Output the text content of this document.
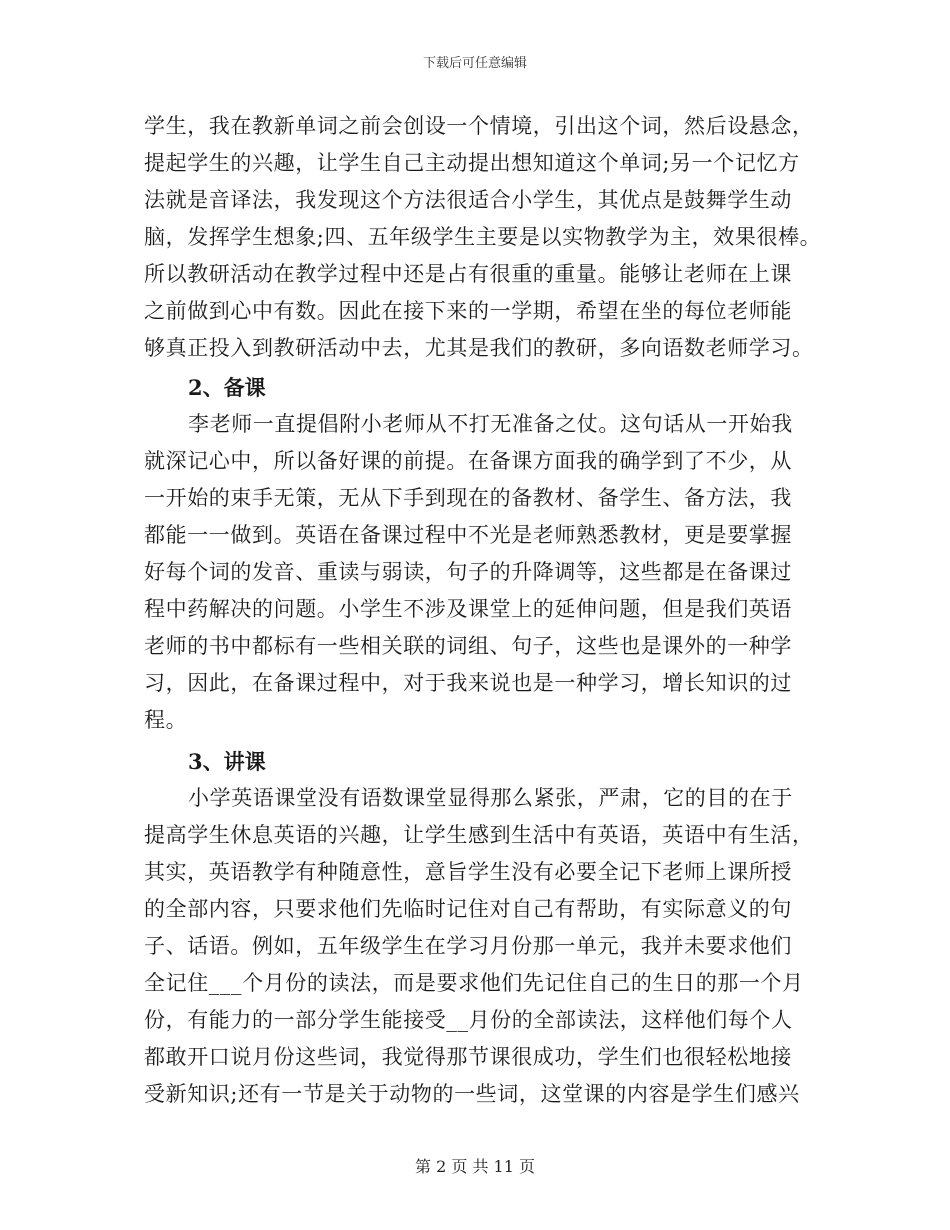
下载后可任意编辑
学生，我在教新单词之前会创设一个情境，引出这个词，然后设悬念，
提起学生的兴趣，让学生自己主动提出想知道这个单词;另一个记忆方
法就是音译法，我发现这个方法很适合小学生，其优点是鼓舞学生动
脑，发挥学生想象;四、五年级学生主要是以实物教学为主，效果很棒。
所以教研活动在教学过程中还是占有很重的重量。能够让老师在上课
之前做到心中有数。因此在接下来的一学期，希望在坐的每位老师能
够真正投入到教研活动中去，尤其是我们的教研，多向语数老师学习。
2、备课
李老师一直提倡附小老师从不打无准备之仗。这句话从一开始我
就深记心中，所以备好课的前提。在备课方面我的确学到了不少，从
一开始的束手无策，无从下手到现在的备教材、备学生、备方法，我
都能一一做到。英语在备课过程中不光是老师熟悉教材，更是要掌握
好每个词的发音、重读与弱读，句子的升降调等，这些都是在备课过
程中药解决的问题。小学生不涉及课堂上的延伸问题，但是我们英语
老师的书中都标有一些相关联的词组、句子，这些也是课外的一种学
习，因此，在备课过程中，对于我来说也是一种学习，增长知识的过
程。
3、讲课
小学英语课堂没有语数课堂显得那么紧张，严肃，它的目的在于
提高学生休息英语的兴趣，让学生感到生活中有英语，英语中有生活，
其实，英语教学有种随意性，意旨学生没有必要全记下老师上课所授
的全部内容，只要求他们先临时记住对自己有帮助，有实际意义的句
子、话语。例如，五年级学生在学习月份那一单元，我并未要求他们
全记住___个月份的读法，而是要求他们先记住自己的生日的那一个月
份，有能力的一部分学生能接受__月份的全部读法，这样他们每个人
都敢开口说月份这些词，我觉得那节课很成功，学生们也很轻松地接
受新知识;还有一节是关于动物的一些词，这堂课的内容是学生们感兴
第 2 页 共 11 页
